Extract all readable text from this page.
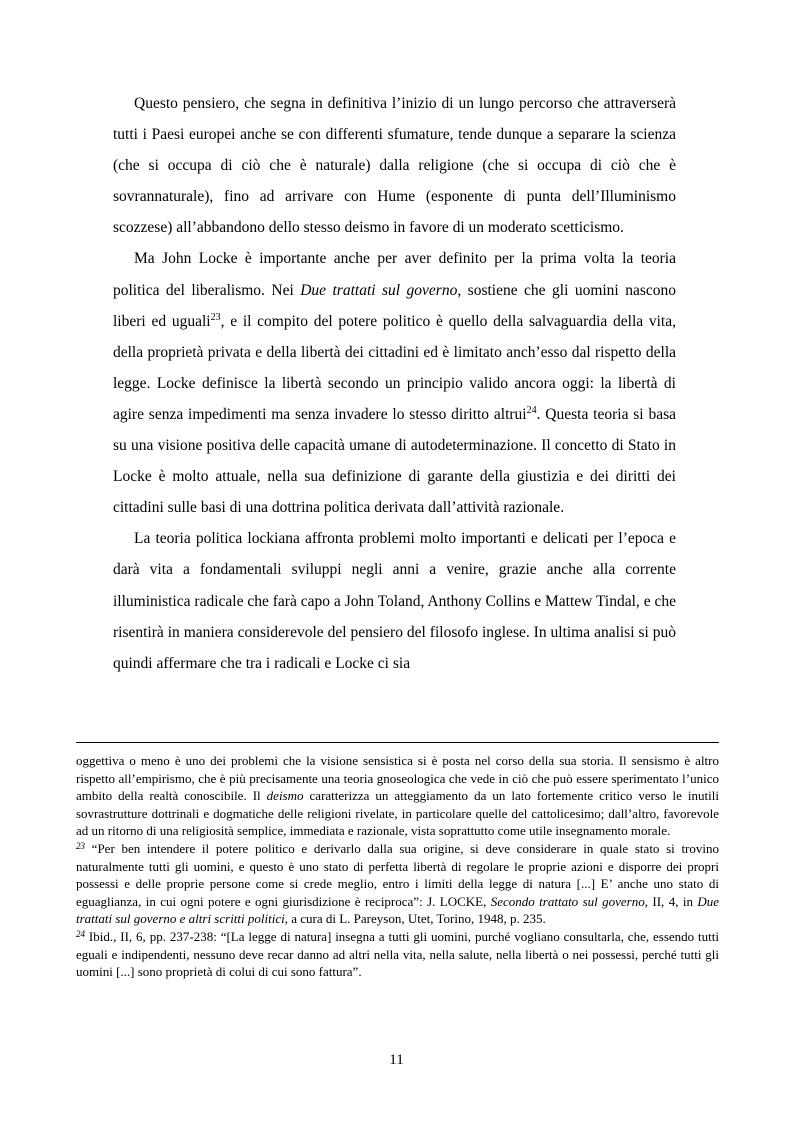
Questo pensiero, che segna in definitiva l’inizio di un lungo percorso che attraverserà tutti i Paesi europei anche se con differenti sfumature, tende dunque a separare la scienza (che si occupa di ciò che è naturale) dalla religione (che si occupa di ciò che è sovrannaturale), fino ad arrivare con Hume (esponente di punta dell’Illuminismo scozzese) all’abbandono dello stesso deismo in favore di un moderato scetticismo.

Ma John Locke è importante anche per aver definito per la prima volta la teoria politica del liberalismo. Nei Due trattati sul governo, sostiene che gli uomini nascono liberi ed uguali$^{23}$, e il compito del potere politico è quello della salvaguardia della vita, della proprietà privata e della libertà dei cittadini ed è limitato anch’esso dal rispetto della legge. Locke definisce la libertà secondo un principio valido ancora oggi: la libertà di agire senza impedimenti ma senza invadere lo stesso diritto altrui$^{24}$. Questa teoria si basa su una visione positiva delle capacità umane di autodeterminazione. Il concetto di Stato in Locke è molto attuale, nella sua definizione di garante della giustizia e dei diritti dei cittadini sulle basi di una dottrina politica derivata dall’attività razionale.

La teoria politica lockiana affronta problemi molto importanti e delicati per l’epoca e darà vita a fondamentali sviluppi negli anni a venire, grazie anche alla corrente illuministica radicale che farà capo a John Toland, Anthony Collins e Mattew Tindal, e che risentirà in maniera considerevole del pensiero del filosofo inglese. In ultima analisi si può quindi affermare che tra i radicali e Locke ci sia

oggettiva o meno è uno dei problemi che la visione sensistica si è posta nel corso della sua storia. Il sensismo è altro rispetto all’empirismo, che è più precisamente una teoria gnoseologica che vede in ciò che può essere sperimentato l’unico ambito della realtà conoscibile. Il deismo caratterizza un atteggiamento da un lato fortemente critico verso le inutili sovrastrutture dottrinali e dogmatiche delle religioni rivelate, in particolare quelle del cattolicesimo; dall’altro, favorevole ad un ritorno di una religiosità semplice, immediata e razionale, vista soprattutto come utile insegnamento morale.

$^{23}$ “Per ben intendere il potere politico e derivarlo dalla sua origine, si deve considerare in quale stato si trovino naturalmente tutti gli uomini, e questo è uno stato di perfetta libertà di regolare le proprie azioni e disporre dei propri possessi e delle proprie persone come si crede meglio, entro i limiti della legge di natura [...] E’ anche uno stato di eguaglianza, in cui ogni potere e ogni giurisdizione è reciproca”: J. LOCKE, Secondo trattato sul governo, II, 4, in Due trattati sul governo e altri scritti politici, a cura di L. Pareyson, Utet, Torino, 1948, p. 235.

$^{24}$ Ibid., II, 6, pp. 237-238: “[La legge di natura] insegna a tutti gli uomini, purché vogliano consultarla, che, essendo tutti eguali e indipendenti, nessuno deve recar danno ad altri nella vita, nella salute, nella libertà o nei possessi, perché tutti gli uomini [...] sono proprietà di colui di cui sono fattura”.

11
